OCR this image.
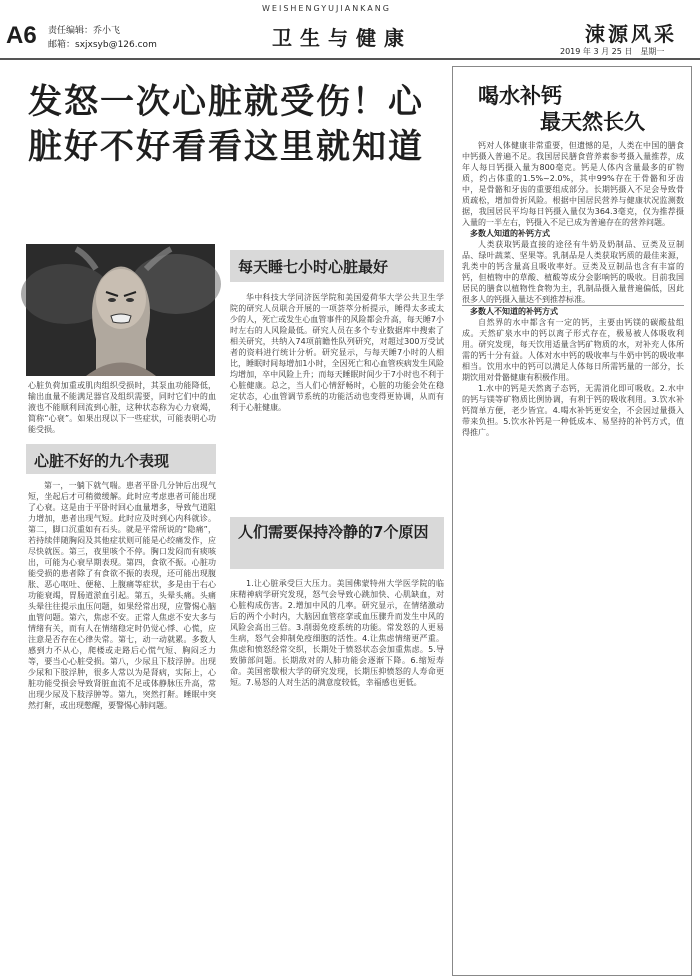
A6 责任编辑：乔小飞
邮箱：sxjxsyb@126.com
WEISHENGYUJIANKANG
卫生与健康	涑源风采
2019 年 3 月 25 日　星期一
发怒一次心脏就受伤！心脏好不好看看这里就知道
心脏负荷加重或肌肉组织受损时，其泵血功能降低，输出血量不能满足器官及组织需要，同时它们中的血液也不能顺利回流到心脏，这种状态称为心力衰竭，简称“心衰”。如果出现以下一些症状，可能表明心功能受损。
心脏不好的九个表现

第一，一躺下就气喘。患者平卧几分钟后出现气短，坐起后才可稍微缓解。此时应考虑患者可能出现了心衰。这是由于平卧时回心血量增多，导致气道阻力增加，患者出现气短。此时应及时到心内科就诊。第二，脚口沉重如有石头。就是平常所说的“隐痛”，若持续伴随胸闷及其他症状则可能是心绞痛发作，应尽快就医。第三，夜里咳个不停。胸口发闷而有痰咳出，可能为心衰早期表现。第四，食欲不振。心脏功能受损的患者除了有食欲不振的表现，还可能出现腹胀、恶心呕吐、便秘、上腹痛等症状，多是由于右心功能衰竭，胃肠道淤血引起。第五，头晕头痛。头痛头晕往往提示血压问题，如果经常出现，应警惕心脑血管问题。第六，焦虑不安。正常人焦虑不安大多与情绪有关，而有人在情绪稳定时仍觉心悸、心慌，应注意是否存在心律失常。第七，动一动就累。多数人感到力不从心，爬楼或走路后心慌气短、胸闷乏力等，要当心心脏受损。第八，少尿且下肢浮肿。出现少尿和下肢浮肿，很多人常以为是肾病，实际上，心脏功能受损会导致肾脏血流不足或体静脉压升高，常出现少尿及下肢浮肿等。第九，突然打鼾。睡眠中突然打鼾，或出现憋醒，要警惕心肺问题。

每天睡七小时心脏最好

华中科技大学同济医学院和美国爱荷华大学公共卫生学院的研究人员联合开展的一项荟萃分析提示，睡得太多或太少的人，死亡或发生心血管事件的风险都会升高，每天睡7小时左右的人风险最低。研究人员在多个专业数据库中搜索了相关研究，共纳入74项前瞻性队列研究，对超过300万受试者的资料进行统计分析。研究显示，与每天睡7小时的人相比，睡眠时间每增加1小时，全因死亡和心血管疾病发生风险均增加，卒中风险上升；而每天睡眠时间少于7小时也不利于心脏健康。总之，当人们心情舒畅时，心脏的功能会处在稳定状态，心血管调节系统的功能活动也变得更协调，从而有利于心脏健康。

人们需要保持冷静的7个原因

1.让心脏承受巨大压力。美国佛蒙特州大学医学院的临床精神病学研究发现，怒气会导致心跳加快、心肌缺血，对心脏构成伤害。2.增加中风的几率。研究显示，在情绪激动后的两个小时内，大脑因血管痉挛或血压骤升而发生中风的风险会高出三倍。3.削弱免疫系统的功能。常发怒的人更易生病，怒气会抑制免疫细胞的活性。4.让焦虑情绪更严重。焦虑和愤怒经常交织，长期处于愤怒状态会加重焦虑。5.导致肺部问题。长期敌对的人肺功能会逐渐下降。6.缩短寿命。美国密歇根大学的研究发现，长期压抑愤怒的人寿命更短。7.易怒的人对生活的满意度较低，幸福感也更低。

喝水补钙
最天然长久

钙对人体健康非常重要，但遗憾的是，人类在中国的膳食中钙摄入普遍不足。我国居民膳食营养素参考摄入量推荐，成年人每日钙摄入量为800毫克。钙是人体内含量最多的矿物质，约占体重的1.5%~2.0%，其中99%存在于骨骼和牙齿中，是骨骼和牙齿的重要组成部分。长期钙摄入不足会导致骨质疏松，增加骨折风险。根据中国居民营养与健康状况监测数据，我国居民平均每日钙摄入量仅为364.3毫克，仅为推荐摄入量的一半左右，钙摄入不足已成为普遍存在的营养问题。

多数人知道的补钙方式

人类获取钙最直接的途径有牛奶及奶制品、豆类及豆制品、绿叶蔬菜、坚果等。乳制品是人类获取钙质的最佳来源，乳类中的钙含量高且吸收率好。豆类及豆制品也含有丰富的钙，但植物中的草酸、植酸等成分会影响钙的吸收。目前我国居民的膳食以植物性食物为主，乳制品摄入量普遍偏低，因此很多人的钙摄入量达不到推荐标准。

多数人不知道的补钙方式

自然界的水中都含有一定的钙，主要由钙镁的碳酸盐组成。天然矿泉水中的钙以离子形式存在，极易被人体吸收利用。研究发现，每天饮用适量含钙矿物质的水，对补充人体所需的钙十分有益。人体对水中钙的吸收率与牛奶中钙的吸收率相当。饮用水中的钙可以满足人体每日所需钙量的一部分，长期饮用对骨骼健康有积极作用。

1.水中的钙是天然离子态钙，无需消化即可吸收。2.水中的钙与镁等矿物质比例协调，有利于钙的吸收利用。3.饮水补钙简单方便，老少皆宜。4.喝水补钙更安全，不会因过量摄入带来负担。5.饮水补钙是一种低成本、易坚持的补钙方式，值得推广。
